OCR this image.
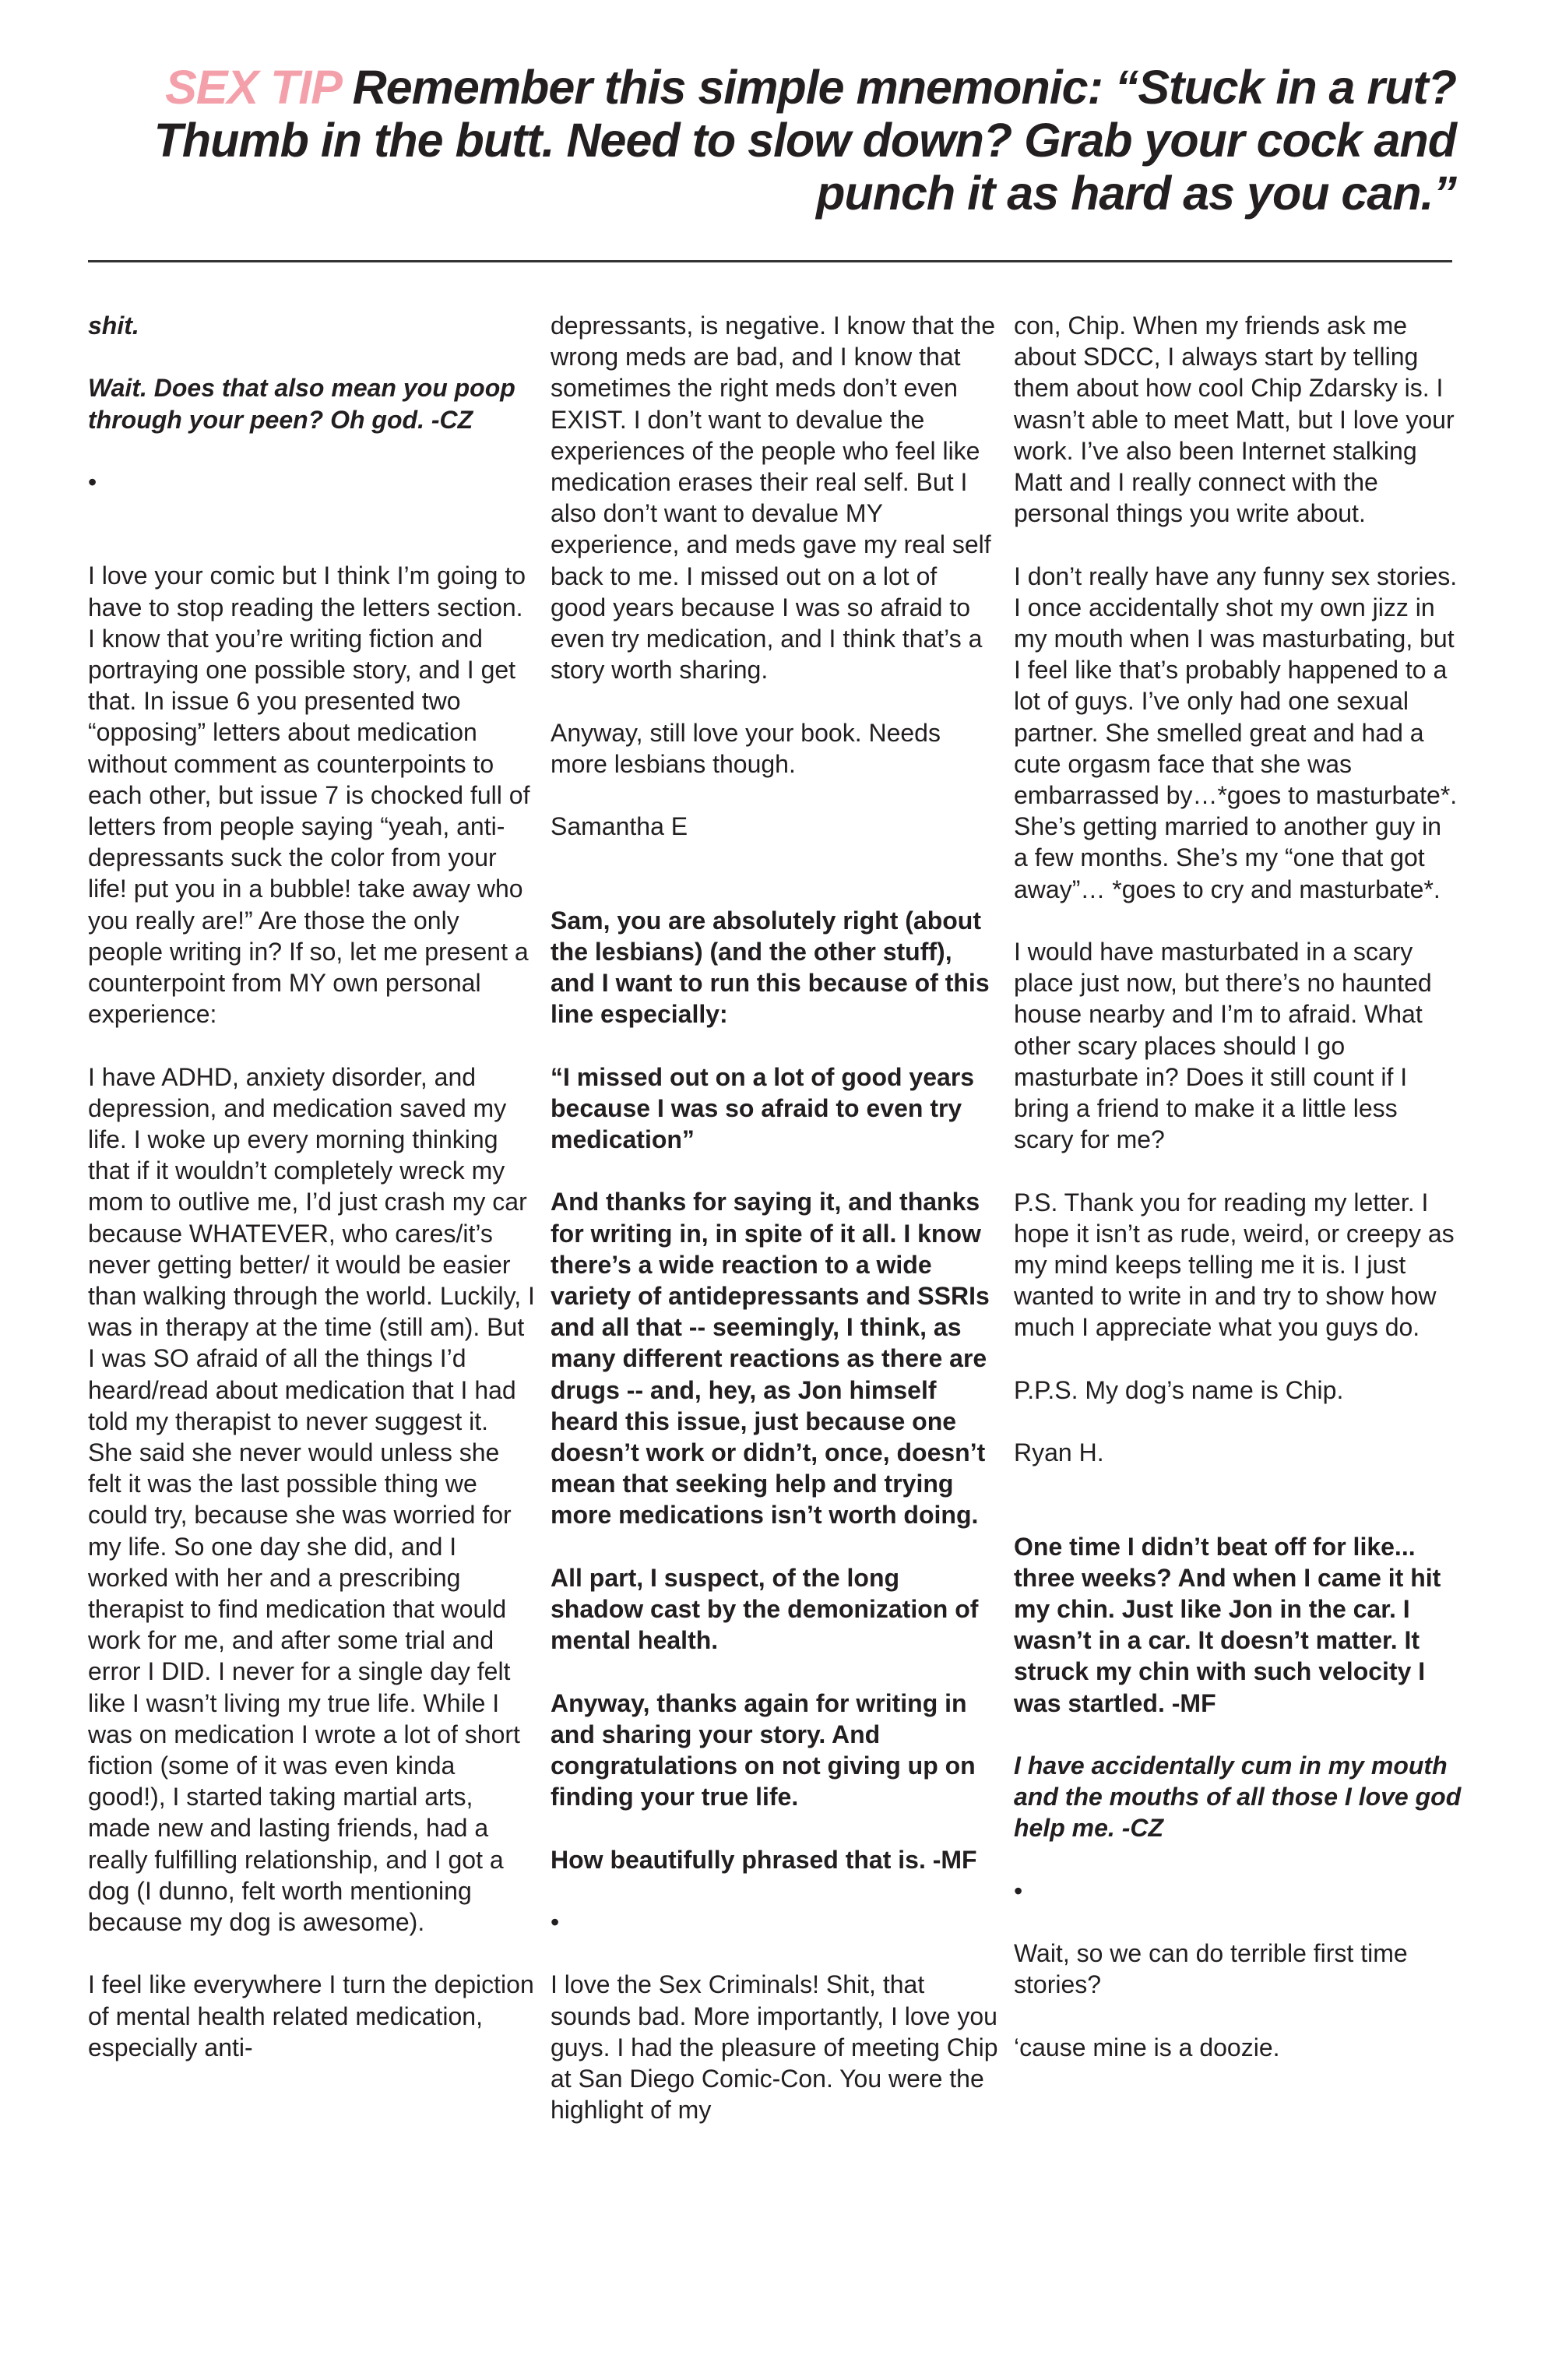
SEX TIP Remember this simple mnemonic: “Stuck in a rut? Thumb in the butt. Need to slow down? Grab your cock and punch it as hard as you can.”

shit.

Wait. Does that also mean you poop through your peen? Oh god. -CZ

•

I love your comic but I think I’m going to have to stop reading the letters section. I know that you’re writing fiction and portraying one possible story, and I get that. In issue 6 you presented two “opposing” letters about medication without comment as counterpoints to each other, but issue 7 is chocked full of letters from people saying “yeah, anti-depressants suck the color from your life! put you in a bubble! take away who you really are!” Are those the only people writing in? If so, let me present a counterpoint from MY own personal experience:

I have ADHD, anxiety disorder, and depression, and medication saved my life. I woke up every morning thinking that if it wouldn’t completely wreck my mom to outlive me, I’d just crash my car because WHATEVER, who cares/it’s never getting better/ it would be easier than walking through the world. Luckily, I was in therapy at the time (still am). But I was SO afraid of all the things I’d heard/read about medication that I had told my therapist to never suggest it. She said she never would unless she felt it was the last possible thing we could try, because she was worried for my life. So one day she did, and I worked with her and a prescribing therapist to find medication that would work for me, and after some trial and error I DID. I never for a single day felt like I wasn’t living my true life. While I was on medication I wrote a lot of short fiction (some of it was even kinda good!), I started taking martial arts, made new and lasting friends, had a really fulfilling relationship, and I got a dog (I dunno, felt worth mentioning because my dog is awesome).

I feel like everywhere I turn the depiction of mental health related medication, especially anti-

depressants, is negative. I know that the wrong meds are bad, and I know that sometimes the right meds don’t even EXIST. I don’t want to devalue the experiences of the people who feel like medication erases their real self. But I also don’t want to devalue MY experience, and meds gave my real self back to me. I missed out on a lot of good years because I was so afraid to even try medication, and I think that’s a story worth sharing.

Anyway, still love your book. Needs more lesbians though.

Samantha E

Sam, you are absolutely right (about the lesbians) (and the other stuff), and I want to run this because of this line especially:

“I missed out on a lot of good years because I was so afraid to even try medication”

And thanks for saying it, and thanks for writing in, in spite of it all. I know there’s a wide reaction to a wide variety of antidepressants and SSRIs and all that -- seemingly, I think, as many different reactions as there are drugs -- and, hey, as Jon himself heard this issue, just because one doesn’t work or didn’t, once, doesn’t mean that seeking help and trying more medications isn’t worth doing.

All part, I suspect, of the long shadow cast by the demonization of mental health.

Anyway, thanks again for writing in and sharing your story. And congratulations on not giving up on finding your true life.

How beautifully phrased that is. -MF

•

I love the Sex Criminals! Shit, that sounds bad. More importantly, I love you guys. I had the pleasure of meeting Chip at San Diego Comic-Con. You were the highlight of my

con, Chip. When my friends ask me about SDCC, I always start by telling them about how cool Chip Zdarsky is. I wasn’t able to meet Matt, but I love your work. I’ve also been Internet stalking Matt and I really connect with the personal things you write about.

I don’t really have any funny sex stories. I once accidentally shot my own jizz in my mouth when I was masturbating, but I feel like that’s probably happened to a lot of guys. I’ve only had one sexual partner. She smelled great and had a cute orgasm face that she was embarrassed by…*goes to masturbate*. She’s getting married to another guy in a few months. She’s my “one that got away”… *goes to cry and masturbate*.

I would have masturbated in a scary place just now, but there’s no haunted house nearby and I’m to afraid. What other scary places should I go masturbate in? Does it still count if I bring a friend to make it a little less scary for me?

P.S. Thank you for reading my letter. I hope it isn’t as rude, weird, or creepy as my mind keeps telling me it is. I just wanted to write in and try to show how much I appreciate what you guys do.

P.P.S. My dog’s name is Chip.

Ryan H.

One time I didn’t beat off for like... three weeks? And when I came it hit my chin. Just like Jon in the car. I wasn’t in a car. It doesn’t matter. It struck my chin with such velocity I was startled. -MF

I have accidentally cum in my mouth and the mouths of all those I love god help me. -CZ

•

Wait, so we can do terrible first time stories?

‘cause mine is a doozie.
